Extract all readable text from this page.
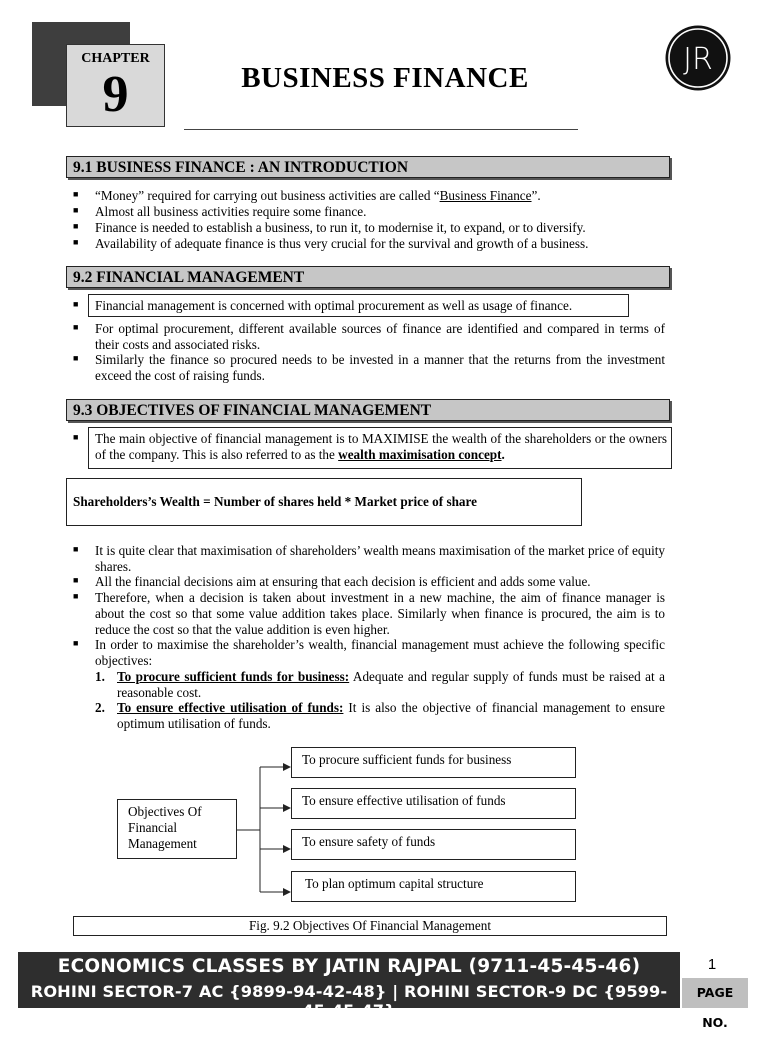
CHAPTER
9	BUSINESS FINANCE
JR
9.1 BUSINESS FINANCE : AN INTRODUCTION
■ “Money” required for carrying out business activities are called “Business Finance”.
■ Almost all business activities require some finance.
■ Finance is needed to establish a business, to run it, to modernise it, to expand, or to diversify.
■ Availability of adequate finance is thus very crucial for the survival and growth of a business.
9.2 FINANCIAL MANAGEMENT
■ Financial management is concerned with optimal procurement as well as usage of finance.
■ For optimal procurement, different available sources of finance are identified and compared in terms of their costs and associated risks.
■ Similarly the finance so procured needs to be invested in a manner that the returns from the investment exceed the cost of raising funds.
9.3 OBJECTIVES OF FINANCIAL MANAGEMENT
■ The main objective of financial management is to MAXIMISE the wealth of the shareholders or the owners of the company. This is also referred to as the wealth maximisation concept.
Shareholders’s Wealth = Number of shares held * Market price of share
■ It is quite clear that maximisation of shareholders’ wealth means maximisation of the market price of equity shares.
■ All the financial decisions aim at ensuring that each decision is efficient and adds some value.
■ Therefore, when a decision is taken about investment in a new machine, the aim of finance manager is about the cost so that some value addition takes place. Similarly when finance is procured, the aim is to reduce the cost so that the value addition is even higher.
■ In order to maximise the shareholder’s wealth, financial management must achieve the following specific objectives:
1. To procure sufficient funds for business: Adequate and regular supply of funds must be raised at a reasonable cost.
2. To ensure effective utilisation of funds: It is also the objective of financial management to ensure optimum utilisation of funds.
Objectives Of Financial Management
To procure sufficient funds for business
To ensure effective utilisation of funds
To ensure safety of funds
To plan optimum capital structure
Fig. 9.2 Objectives Of Financial Management
ECONOMICS CLASSES BY JATIN RAJPAL (9711-45-45-46)
ROHINI SECTOR-7 AC {9899-94-42-48} | ROHINI SECTOR-9 DC {9599-45-45-47}
1
PAGE NO.
